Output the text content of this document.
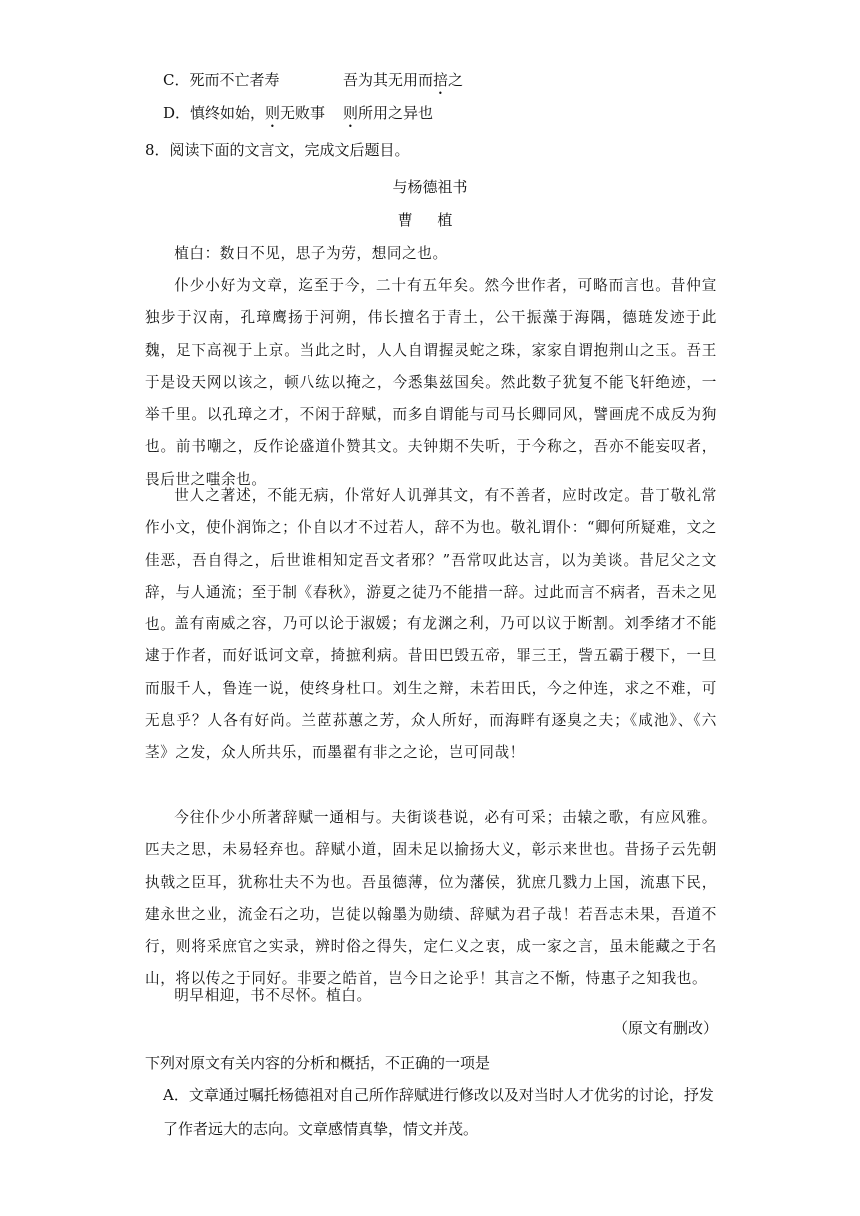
C．死而不亡者寿	吾为其无用而掊之
D．慎终如始，则无败事 则所用之异也
8．阅读下面的文言文，完成文后题目。
与杨德祖书
曹 植

植白：数日不见，思子为劳，想同之也。

仆少小好为文章，迄至于今，二十有五年矣。然今世作者，可略而言也。昔仲宣独步于汉南，孔璋鹰扬于河朔，伟长擅名于青土，公干振藻于海隅，德琏发迹于此魏，足下高视于上京。当此之时，人人自谓握灵蛇之珠，家家自谓抱荆山之玉。吾王于是设天网以该之，顿八纮以掩之，今悉集兹国矣。然此数子犹复不能飞轩绝迹，一举千里。以孔璋之才，不闲于辞赋，而多自谓能与司马长卿同风，譬画虎不成反为狗也。前书嘲之，反作论盛道仆赞其文。夫钟期不失听，于今称之，吾亦不能妄叹者，畏后世之嗤余也。

世人之著述，不能无病，仆常好人讥弹其文，有不善者，应时改定。昔丁敬礼常作小文，使仆润饰之；仆自以才不过若人，辞不为也。敬礼谓仆：“卿何所疑难，文之佳恶，吾自得之，后世谁相知定吾文者邪？”吾常叹此达言，以为美谈。昔尼父之文辞，与人通流；至于制《春秋》，游夏之徒乃不能措一辞。过此而言不病者，吾未之见也。

盖有南威之容，乃可以论于淑媛；有龙渊之利，乃可以议于断割。刘季绪才不能逮于作者，而好诋诃文章，掎摭利病。昔田巴毁五帝，罪三王，訾五霸于稷下，一旦而服千人，鲁连一说，使终身杜口。刘生之辩，未若田氏，今之仲连，求之不难，可无息乎？人各有好尚。兰茝荪蕙之芳，众人所好，而海畔有逐臭之夫；《咸池》、《六茎》之发，众人所共乐，而墨翟有非之之论，岂可同哉！

今往仆少小所著辞赋一通相与。夫街谈巷说，必有可采；击辕之歌，有应风雅。匹夫之思，未易轻弃也。辞赋小道，固未足以揄扬大义，彰示来世也。昔扬子云先朝执戟之臣耳，犹称壮夫不为也。吾虽德薄，位为藩侯，犹庶几戮力上国，流惠下民，建永世之业，流金石之功，岂徒以翰墨为勋绩、辞赋为君子哉！若吾志未果，吾道不行，则将采庶官之实录，辨时俗之得失，定仁义之衷，成一家之言，虽未能藏之于名山，将以传之于同好。非要之皓首，岂今日之论乎！其言之不惭，恃惠子之知我也。

明早相迎，书不尽怀。植白。

（原文有删改）
下列对原文有关内容的分析和概括，不正确的一项是

A．文章通过嘱托杨德祖对自己所作辞赋进行修改以及对当时人才优劣的讨论，抒发了作者远大的志向。文章感情真挚，情文并茂。
